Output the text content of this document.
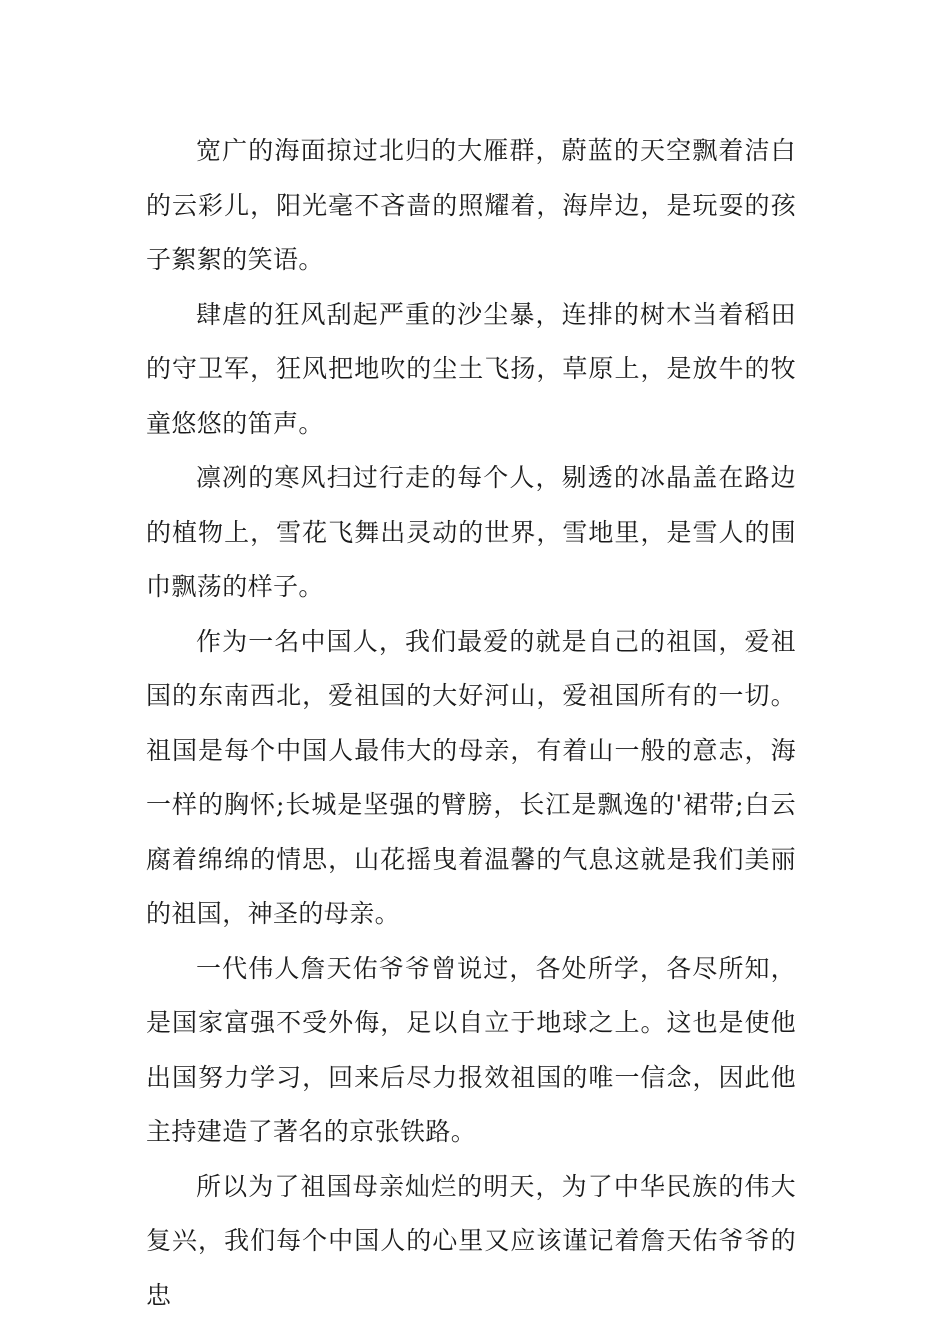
宽广的海面掠过北归的大雁群，蔚蓝的天空飘着洁白的云彩儿，阳光毫不吝啬的照耀着，海岸边，是玩耍的孩子絮絮的笑语。

肆虐的狂风刮起严重的沙尘暴，连排的树木当着稻田的守卫军，狂风把地吹的尘土飞扬，草原上，是放牛的牧童悠悠的笛声。

凛冽的寒风扫过行走的每个人，剔透的冰晶盖在路边的植物上，雪花飞舞出灵动的世界，雪地里，是雪人的围巾飘荡的样子。

作为一名中国人，我们最爱的就是自己的祖国，爱祖国的东南西北，爱祖国的大好河山，爱祖国所有的一切。祖国是每个中国人最伟大的母亲，有着山一般的意志，海一样的胸怀;长城是坚强的臂膀，长江是飘逸的'裙带;白云腐着绵绵的情思，山花摇曳着温馨的气息这就是我们美丽的祖国，神圣的母亲。

一代伟人詹天佑爷爷曾说过，各处所学，各尽所知，是国家富强不受外侮，足以自立于地球之上。这也是使他出国努力学习，回来后尽力报效祖国的唯一信念，因此他主持建造了著名的京张铁路。

所以为了祖国母亲灿烂的明天，为了中华民族的伟大复兴，我们每个中国人的心里又应该谨记着詹天佑爷爷的忠
